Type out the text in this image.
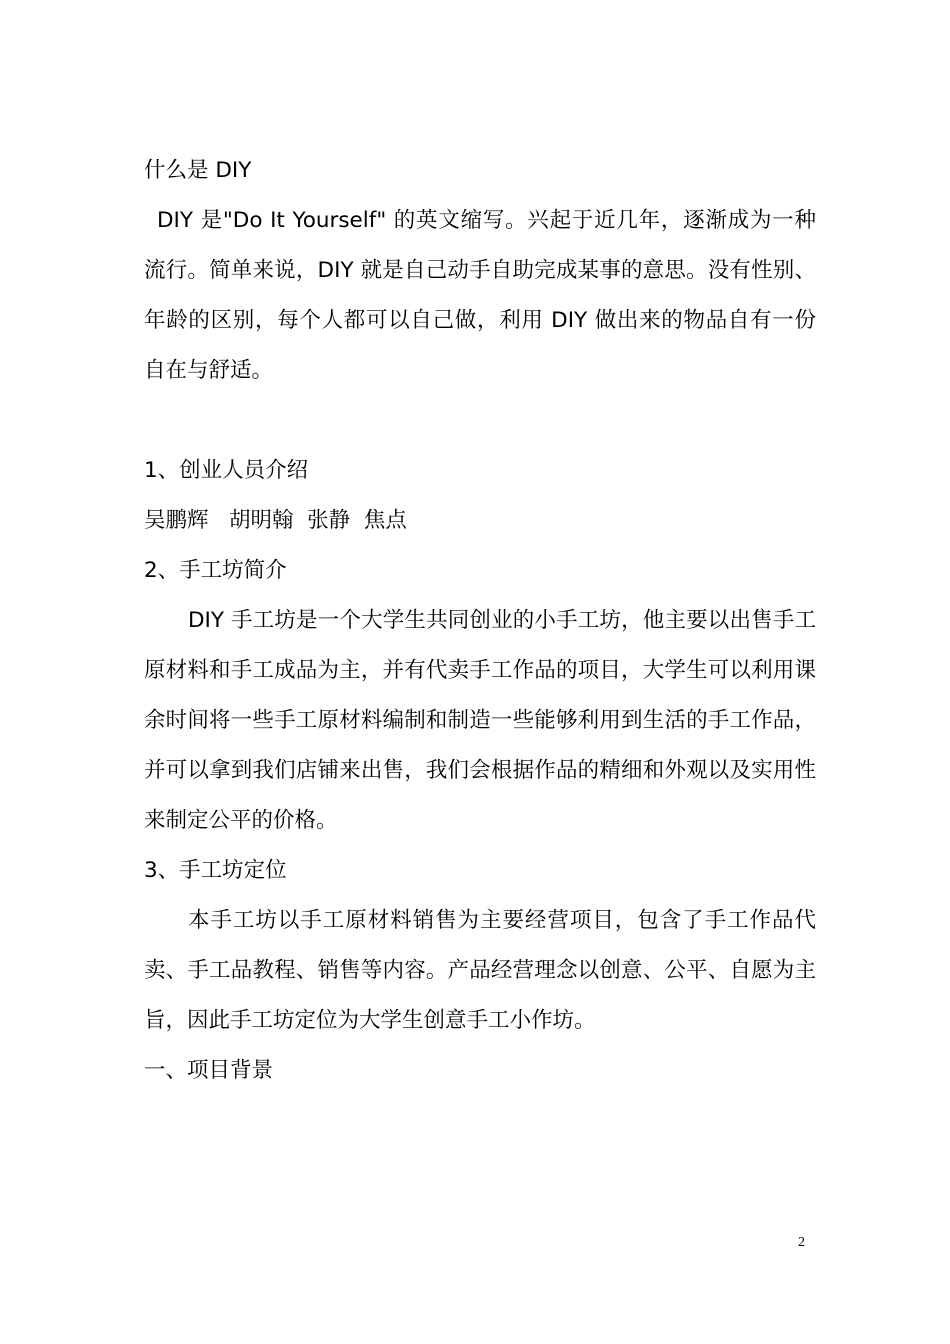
什么是 DIY

DIY 是"Do It Yourself" 的英文缩写。兴起于近几年，逐渐成为一种流行。简单来说，DIY 就是自己动手自助完成某事的意思。没有性别、年龄的区别，每个人都可以自己做，利用 DIY 做出来的物品自有一份自在与舒适。

1、创业人员介绍
吴鹏辉   胡明翰  张静  焦点
2、手工坊简介

DIY 手工坊是一个大学生共同创业的小手工坊，他主要以出售手工原材料和手工成品为主，并有代卖手工作品的项目，大学生可以利用课余时间将一些手工原材料编制和制造一些能够利用到生活的手工作品，并可以拿到我们店铺来出售，我们会根据作品的精细和外观以及实用性来制定公平的价格。

3、手工坊定位

本手工坊以手工原材料销售为主要经营项目，包含了手工作品代卖、手工品教程、销售等内容。产品经营理念以创意、公平、自愿为主旨，因此手工坊定位为大学生创意手工小作坊。

一、项目背景
2
